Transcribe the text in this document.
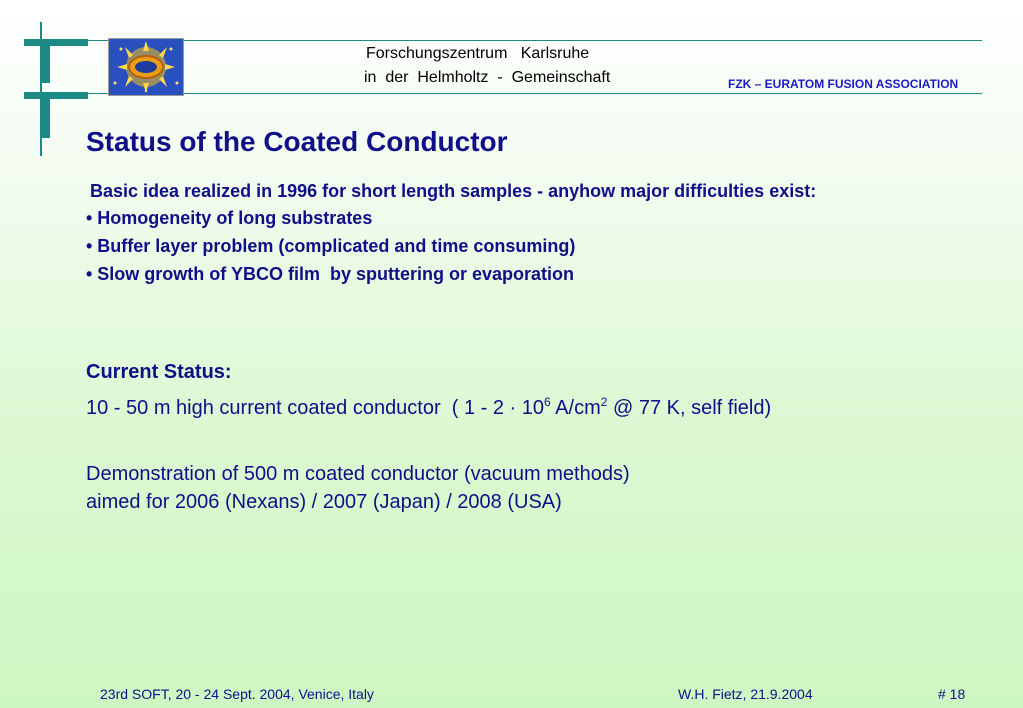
Forschungszentrum   Karlsruhe
in  der  Helmholtz  -  Gemeinschaft	FZK – EURATOM FUSION ASSOCIATION
Status of the Coated Conductor
Basic idea realized in 1996 for short length samples - anyhow major difficulties exist:
• Homogeneity of long substrates
• Buffer layer problem (complicated and time consuming)
• Slow growth of YBCO film  by sputtering or evaporation
Current Status:
10 - 50 m high current coated conductor  ( $1 - 2 \cdot 10^6$ $A/cm^2$ @ 77 K, self field)
Demonstration of 500 m coated conductor (vacuum methods)
aimed for 2006 (Nexans) / 2007 (Japan) / 2008 (USA)
23rd SOFT, 20 - 24 Sept. 2004, Venice, Italy	W.H. Fietz, 21.9.2004	# 18
